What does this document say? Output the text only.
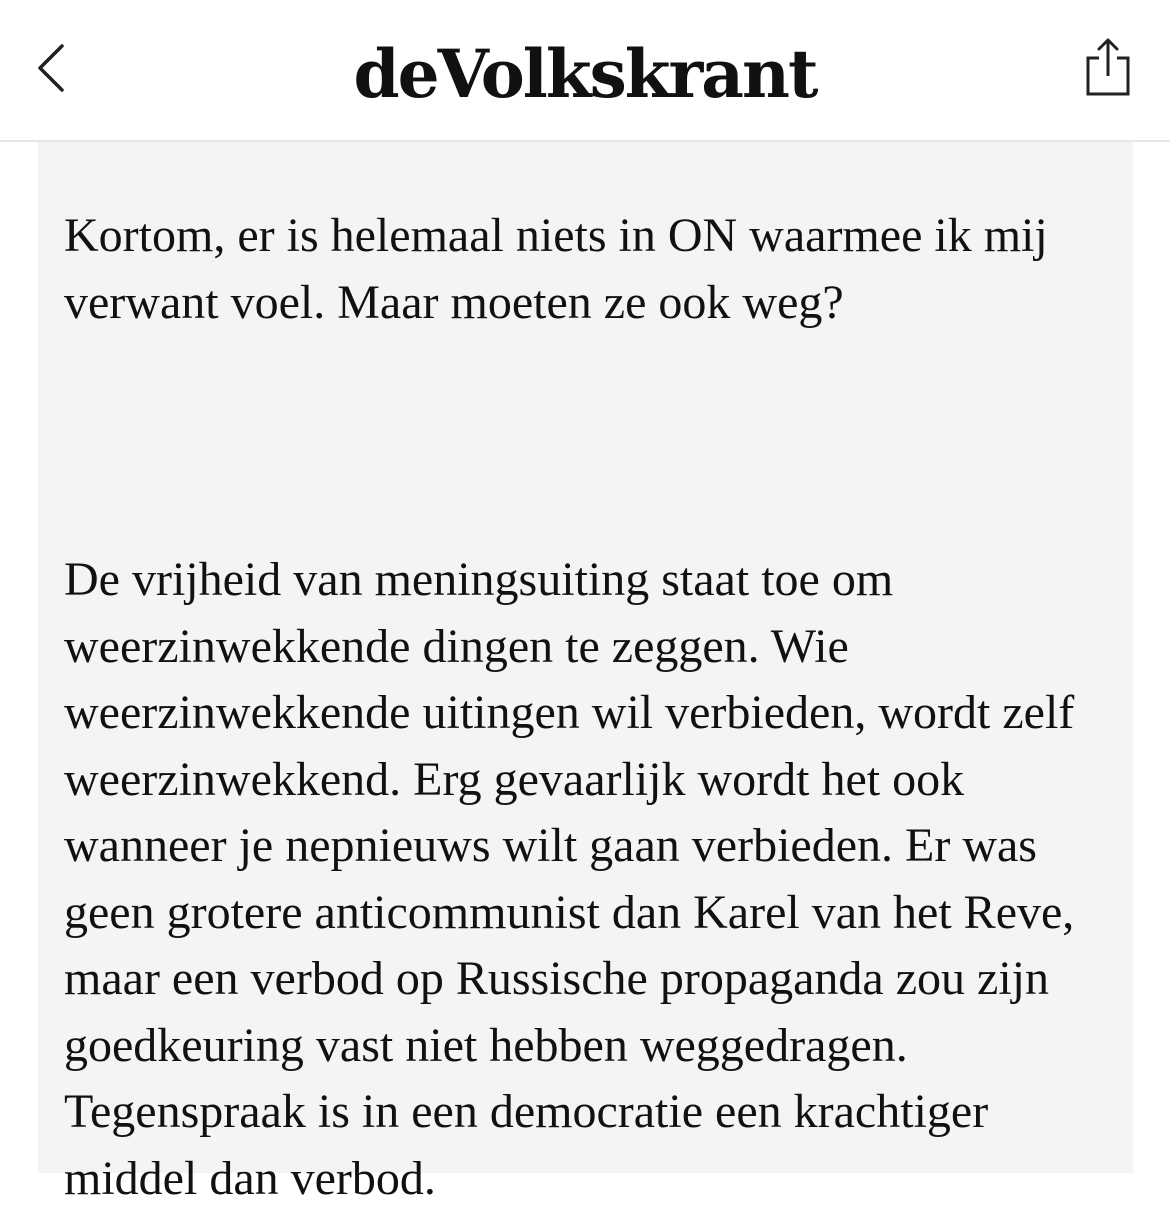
deVolkskrant

Kortom, er is helemaal niets in ON waarmee ik mij verwant voel. Maar moeten ze ook weg?

De vrijheid van meningsuiting staat toe om weerzinwekkende dingen te zeggen. Wie weerzinwekkende uitingen wil verbieden, wordt zelf weerzinwekkend. Erg gevaarlijk wordt het ook wanneer je nepnieuws wilt gaan verbieden. Er was geen grotere anticommunist dan Karel van het Reve, maar een verbod op Russische propaganda zou zijn goedkeuring vast niet hebben weggedragen. Tegenspraak is in een democratie een krachtiger middel dan verbod.
